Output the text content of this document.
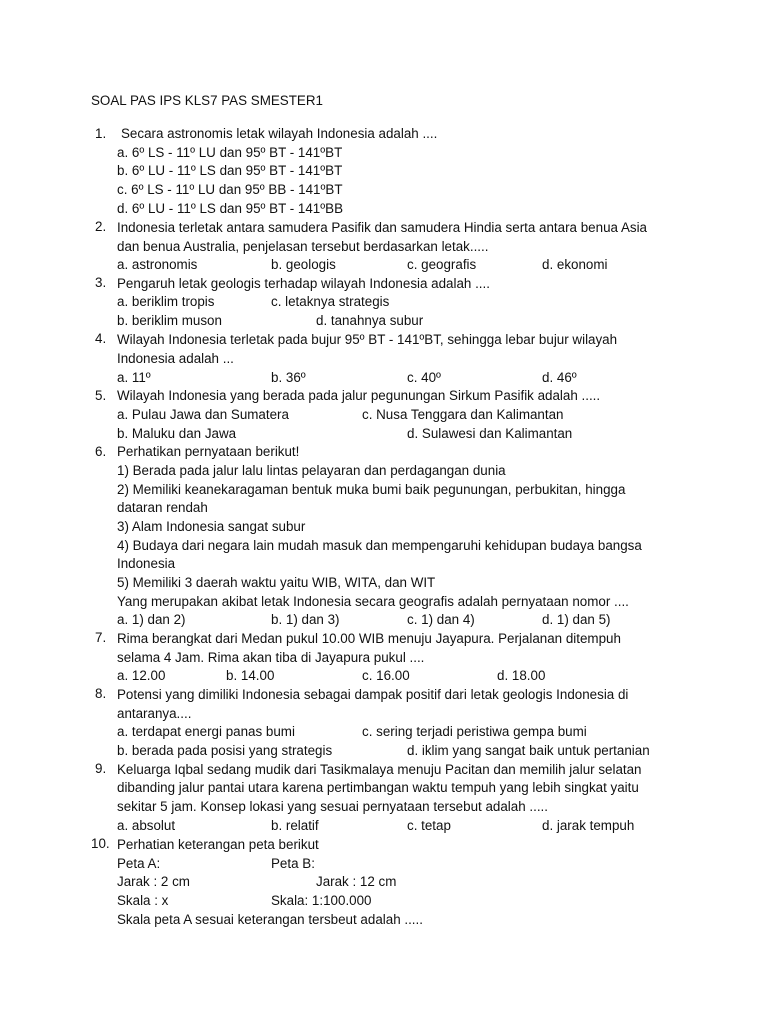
SOAL PAS IPS KLS7 PAS SMESTER1
1. Secara astronomis letak wilayah Indonesia adalah ....
a. 6º LS - 11º LU dan 95º BT - 141ºBT
b. 6º LU - 11º LS dan 95º BT - 141ºBT
c. 6º LS - 11º LU dan 95º BB - 141ºBT
d. 6º LU - 11º LS dan 95º BT - 141ºBB
2. Indonesia terletak antara samudera Pasifik dan samudera Hindia serta antara benua Asia
dan benua Australia, penjelasan tersebut berdasarkan letak.....
a. astronomis	b. geologis	c. geografis	d. ekonomi
3. Pengaruh letak geologis terhadap wilayah Indonesia adalah ....
a. beriklim tropis	c. letaknya strategis
b. beriklim muson	d. tanahnya subur
4. Wilayah Indonesia terletak pada bujur 95º BT - 141ºBT, sehingga lebar bujur wilayah
Indonesia adalah ...
a. 11º	b. 36º	c. 40º	d. 46º
5. Wilayah Indonesia yang berada pada jalur pegunungan Sirkum Pasifik adalah .....
a. Pulau Jawa dan Sumatera	c. Nusa Tenggara dan Kalimantan
b. Maluku dan Jawa	d. Sulawesi dan Kalimantan
6. Perhatikan pernyataan berikut!
1) Berada pada jalur lalu lintas pelayaran dan perdagangan dunia
2) Memiliki keanekaragaman bentuk muka bumi baik pegunungan, perbukitan, hingga
dataran rendah
3) Alam Indonesia sangat subur
4) Budaya dari negara lain mudah masuk dan mempengaruhi kehidupan budaya bangsa
Indonesia
5) Memiliki 3 daerah waktu yaitu WIB, WITA, dan WIT
Yang merupakan akibat letak Indonesia secara geografis adalah pernyataan nomor ....
a. 1) dan 2)	b. 1) dan 3)	c. 1) dan 4)	d. 1) dan 5)
7. Rima berangkat dari Medan pukul 10.00 WIB menuju Jayapura. Perjalanan ditempuh
selama 4 Jam. Rima akan tiba di Jayapura pukul ....
a. 12.00	b. 14.00	c. 16.00	d. 18.00
8. Potensi yang dimiliki Indonesia sebagai dampak positif dari letak geologis Indonesia di
antaranya....
a. terdapat energi panas bumi	c. sering terjadi peristiwa gempa bumi
b. berada pada posisi yang strategis	d. iklim yang sangat baik untuk pertanian
9. Keluarga Iqbal sedang mudik dari Tasikmalaya menuju Pacitan dan memilih jalur selatan
dibanding jalur pantai utara karena pertimbangan waktu tempuh yang lebih singkat yaitu
sekitar 5 jam. Konsep lokasi yang sesuai pernyataan tersebut adalah .....
a. absolut	b. relatif	c. tetap	d. jarak tempuh
10. Perhatian keterangan peta berikut
Peta A:	Peta B:
Jarak : 2 cm	Jarak : 12 cm
Skala : x	Skala: 1:100.000
Skala peta A sesuai keterangan tersbeut adalah .....
